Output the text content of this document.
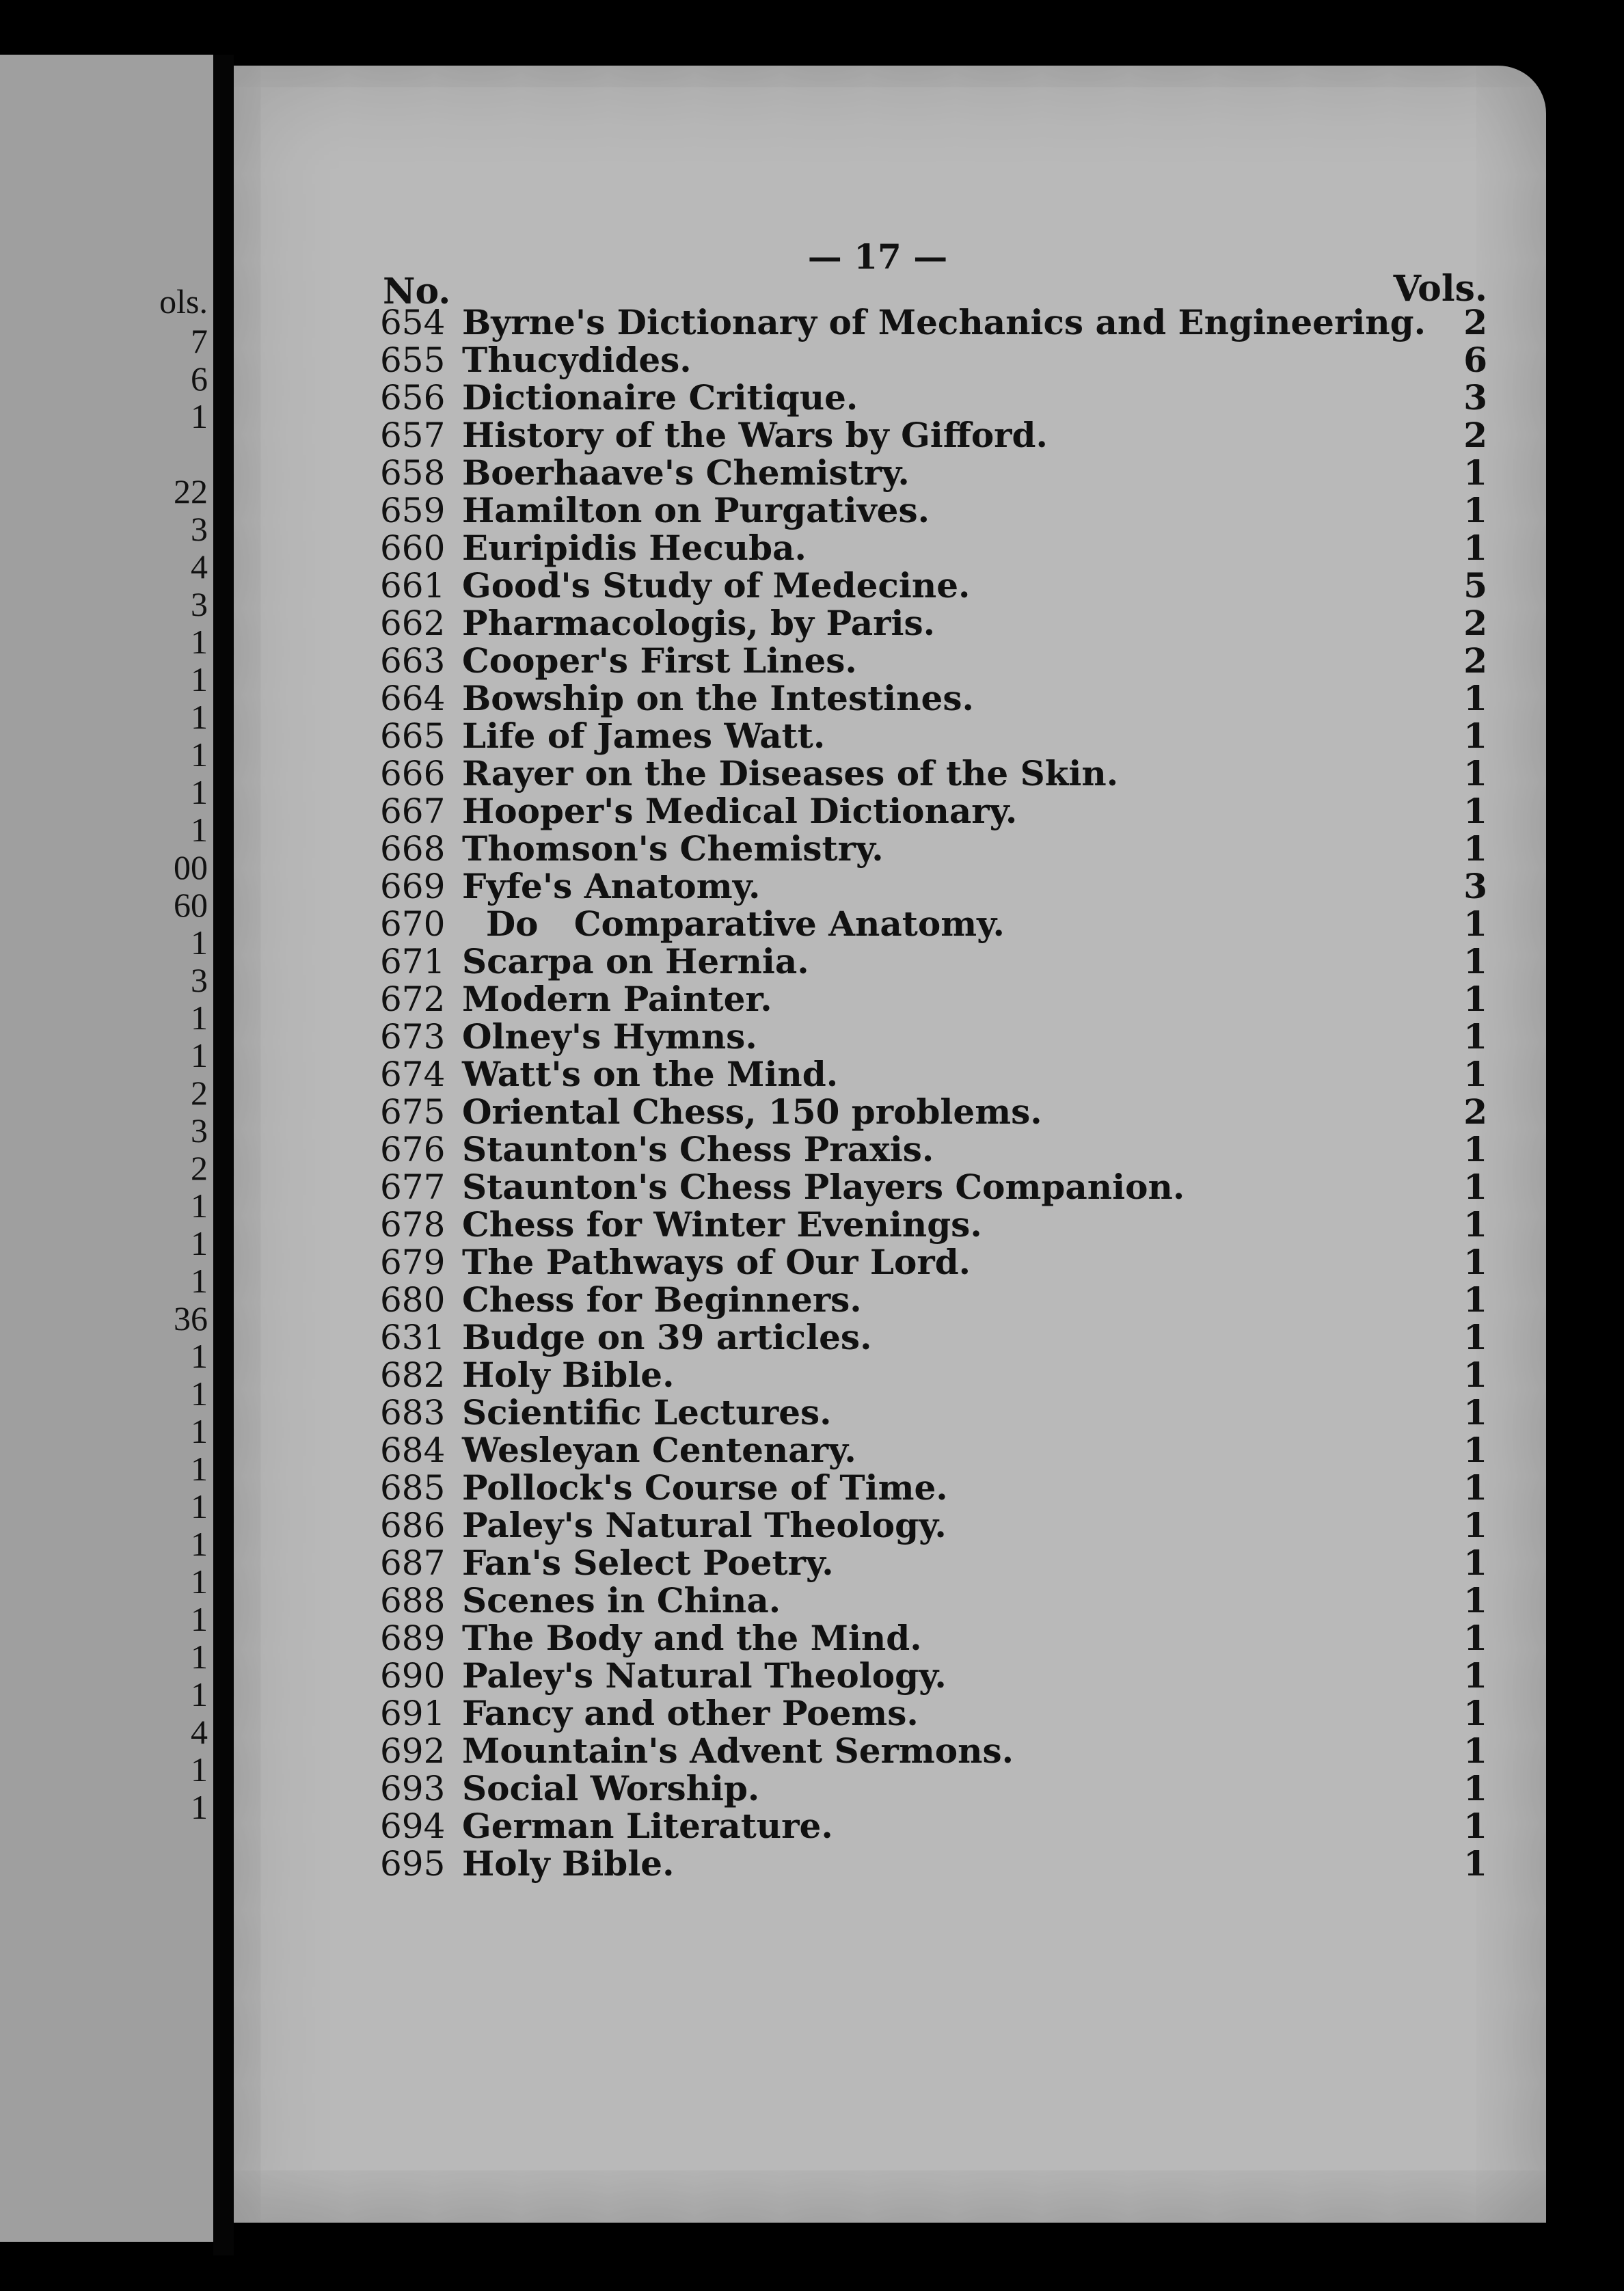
ols.
7
6
1
22
3
4
3
1
1
1
1
1
1
00
60
1
3
1
1
2
3
2
1
1
1
36
1
1
1
1
1
1
1
1
1
1
4
1
1
— 17 —
No.	Vols.
654 Byrne's Dictionary of Mechanics and Engineering. 2
655 Thucydides.	6
656 Dictionaire Critique.	3
657 History of the Wars by Gifford.	2
658 Boerhaave's Chemistry.	1
659 Hamilton on Purgatives.	1
660 Euripidis Hecuba.	1
661 Good's Study of Medecine.	5
662 Pharmacologis, by Paris.	2
663 Cooper's First Lines.	2
664 Bowship on the Intestines.	1
665 Life of James Watt.	1
666 Rayer on the Diseases of the Skin.	1
667 Hooper's Medical Dictionary.	1
668 Thomson's Chemistry.	1
669 Fyfe's Anatomy.	3
670 Do   Comparative Anatomy.	1
671 Scarpa on Hernia.	1
672 Modern Painter.	1
673 Olney's Hymns.	1
674 Watt's on the Mind.	1
675 Oriental Chess, 150 problems.	2
676 Staunton's Chess Praxis.	1
677 Staunton's Chess Players Companion.	1
678 Chess for Winter Evenings.	1
679 The Pathways of Our Lord.	1
680 Chess for Beginners.	1
631 Budge on 39 articles.	1
682 Holy Bible.	1
683 Scientific Lectures.	1
684 Wesleyan Centenary.	1
685 Pollock's Course of Time.	1
686 Paley's Natural Theology.	1
687 Fan's Select Poetry.	1
688 Scenes in China.	1
689 The Body and the Mind.	1
690 Paley's Natural Theology.	1
691 Fancy and other Poems.	1
692 Mountain's Advent Sermons.	1
693 Social Worship.	1
694 German Literature.	1
695 Holy Bible.	1
